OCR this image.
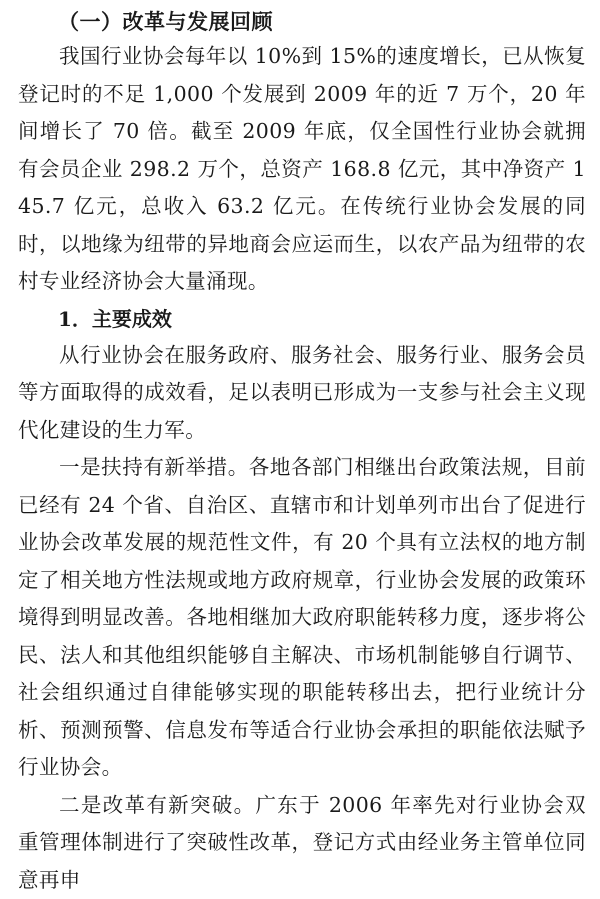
（一）改革与发展回顾

我国行业协会每年以 10%到 15%的速度增长，已从恢复登记时的不足 1,000 个发展到 2009 年的近 7 万个，20 年间增长了 70 倍。截至 2009 年底，仅全国性行业协会就拥有会员企业 298.2 万个，总资产 168.8 亿元，其中净资产 145.7 亿元，总收入 63.2 亿元。在传统行业协会发展的同时，以地缘为纽带的异地商会应运而生，以农产品为纽带的农村专业经济协会大量涌现。

1．主要成效

从行业协会在服务政府、服务社会、服务行业、服务会员等方面取得的成效看，足以表明已形成为一支参与社会主义现代化建设的生力军。

一是扶持有新举措。各地各部门相继出台政策法规，目前已经有 24 个省、自治区、直辖市和计划单列市出台了促进行业协会改革发展的规范性文件，有 20 个具有立法权的地方制定了相关地方性法规或地方政府规章，行业协会发展的政策环境得到明显改善。各地相继加大政府职能转移力度，逐步将公民、法人和其他组织能够自主解决、市场机制能够自行调节、社会组织通过自律能够实现的职能转移出去，把行业统计分析、预测预警、信息发布等适合行业协会承担的职能依法赋予行业协会。

二是改革有新突破。广东于 2006 年率先对行业协会双重管理体制进行了突破性改革，登记方式由经业务主管单位同意再申
